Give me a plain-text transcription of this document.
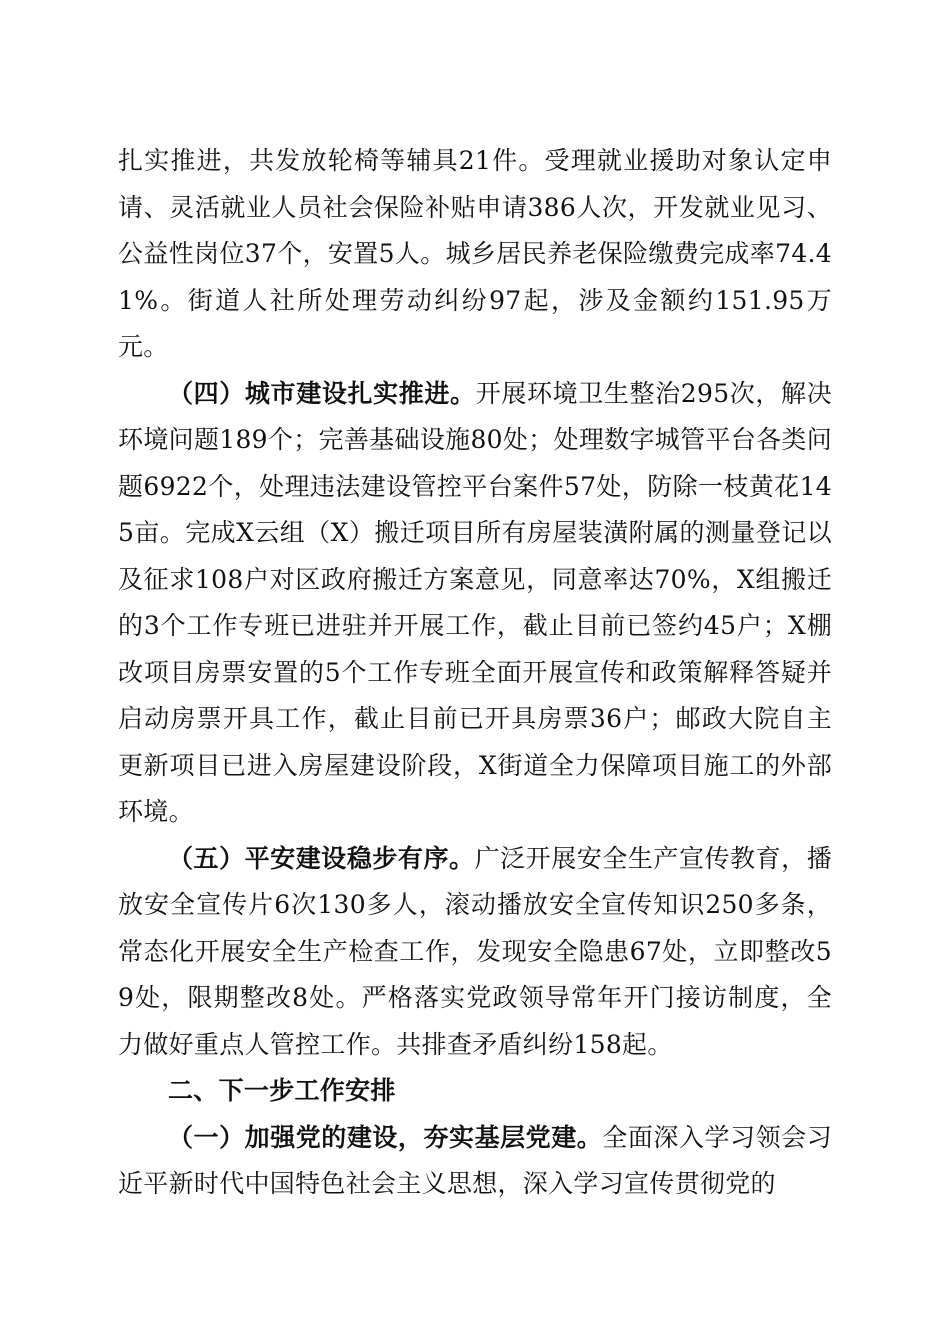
扎实推进，共发放轮椅等辅具21件。受理就业援助对象认定申请、灵活就业人员社会保险补贴申请386人次，开发就业见习、公益性岗位37个，安置5人。城乡居民养老保险缴费完成率74.41%。街道人社所处理劳动纠纷97起，涉及金额约151.95万元。

（四）城市建设扎实推进。开展环境卫生整治295次，解决环境问题189个；完善基础设施80处；处理数字城管平台各类问题6922个，处理违法建设管控平台案件57处，防除一枝黄花145亩。完成X云组（X）搬迁项目所有房屋装潢附属的测量登记以及征求108户对区政府搬迁方案意见，同意率达70%，X组搬迁的3个工作专班已进驻并开展工作，截止目前已签约45户；X棚改项目房票安置的5个工作专班全面开展宣传和政策解释答疑并启动房票开具工作，截止目前已开具房票36户；邮政大院自主更新项目已进入房屋建设阶段，X街道全力保障项目施工的外部环境。

（五）平安建设稳步有序。广泛开展安全生产宣传教育，播放安全宣传片6次130多人，滚动播放安全宣传知识250多条，常态化开展安全生产检查工作，发现安全隐患67处，立即整改59处，限期整改8处。严格落实党政领导常年开门接访制度，全力做好重点人管控工作。共排查矛盾纠纷158起。

二、下一步工作安排

（一）加强党的建设，夯实基层党建。全面深入学习领会习近平新时代中国特色社会主义思想，深入学习宣传贯彻党的
